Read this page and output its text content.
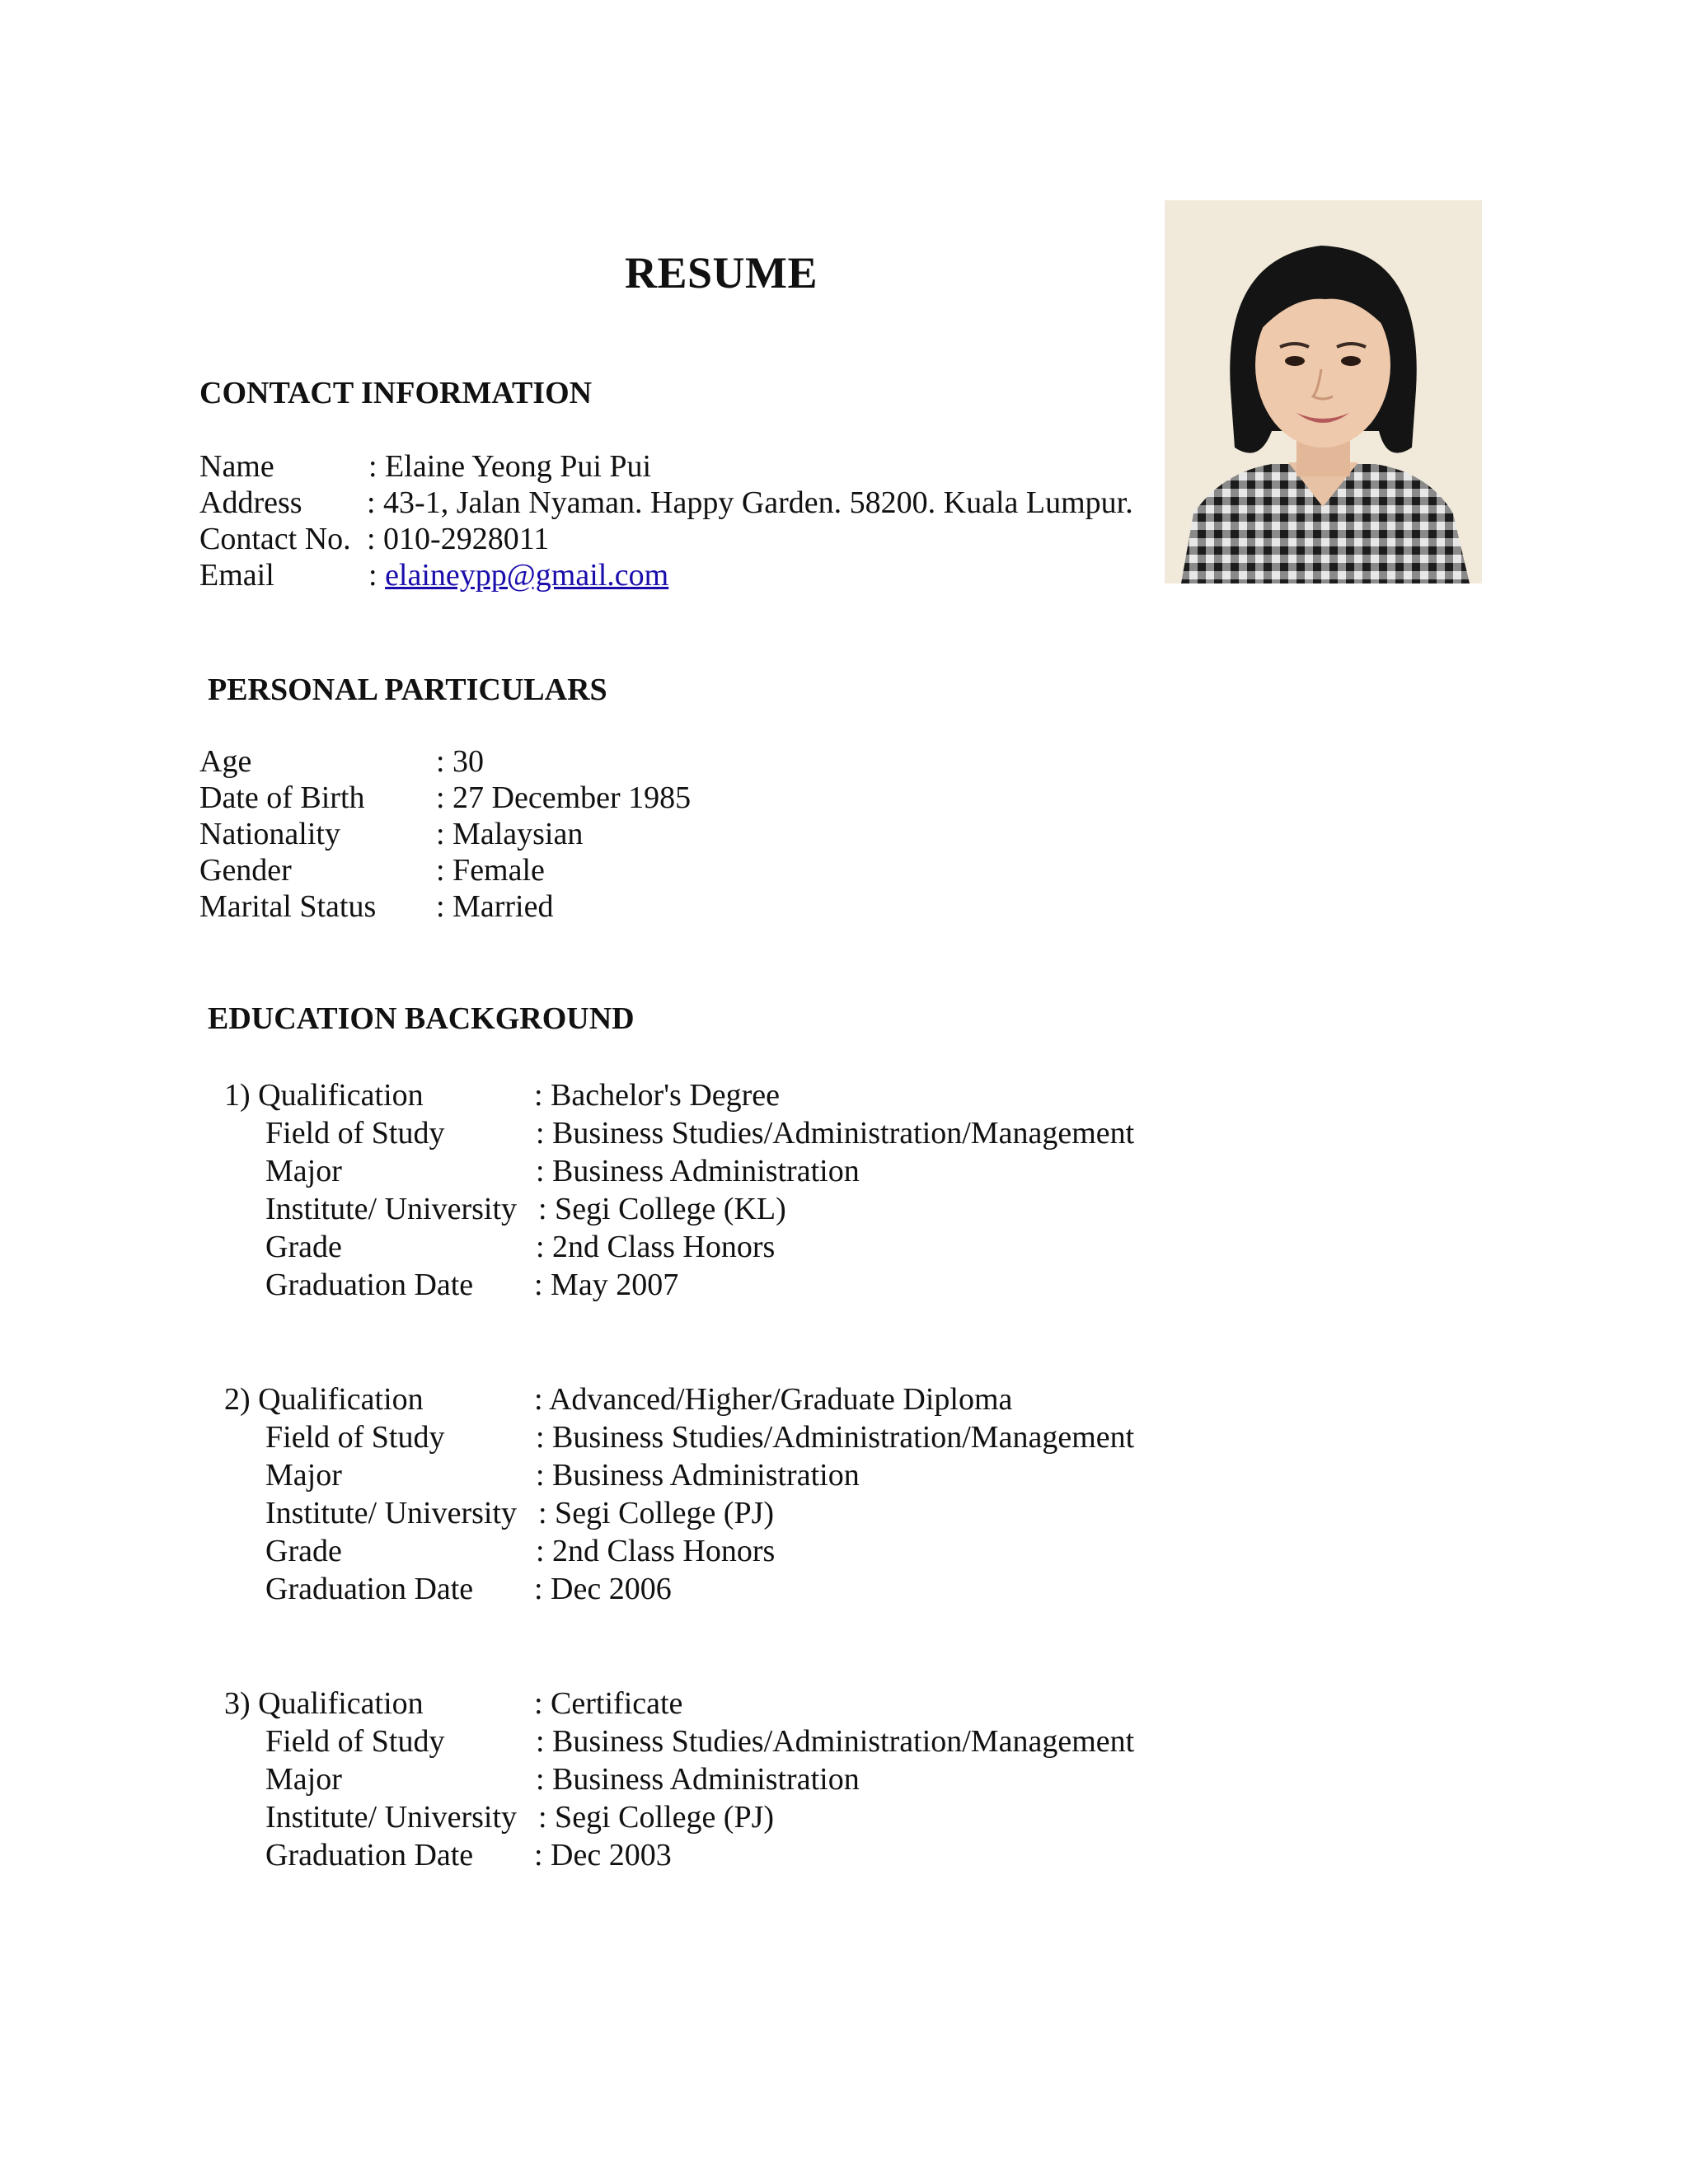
RESUME
CONTACT INFORMATION
Name	: Elaine Yeong Pui Pui
Address : 43-1, Jalan Nyaman. Happy Garden. 58200. Kuala Lumpur.
Contact No. : 010-2928011
Email	: elaineypp@gmail.com
PERSONAL PARTICULARS
Age	: 30
Date of Birth : 27 December 1985
Nationality	: Malaysian
Gender	: Female
Marital Status : Married
EDUCATION BACKGROUND
1) Qualification	: Bachelor's Degree
Field of Study	: Business Studies/Administration/Management
Major	: Business Administration
Institute/ University : Segi College (KL)
Grade	: 2nd Class Honors
Graduation Date : May 2007
2) Qualification	: Advanced/Higher/Graduate Diploma
Field of Study	: Business Studies/Administration/Management
Major	: Business Administration
Institute/ University : Segi College (PJ)
Grade	: 2nd Class Honors
Graduation Date : Dec 2006
3) Qualification	: Certificate
Field of Study	: Business Studies/Administration/Management
Major	: Business Administration
Institute/ University : Segi College (PJ)
Graduation Date : Dec 2003
